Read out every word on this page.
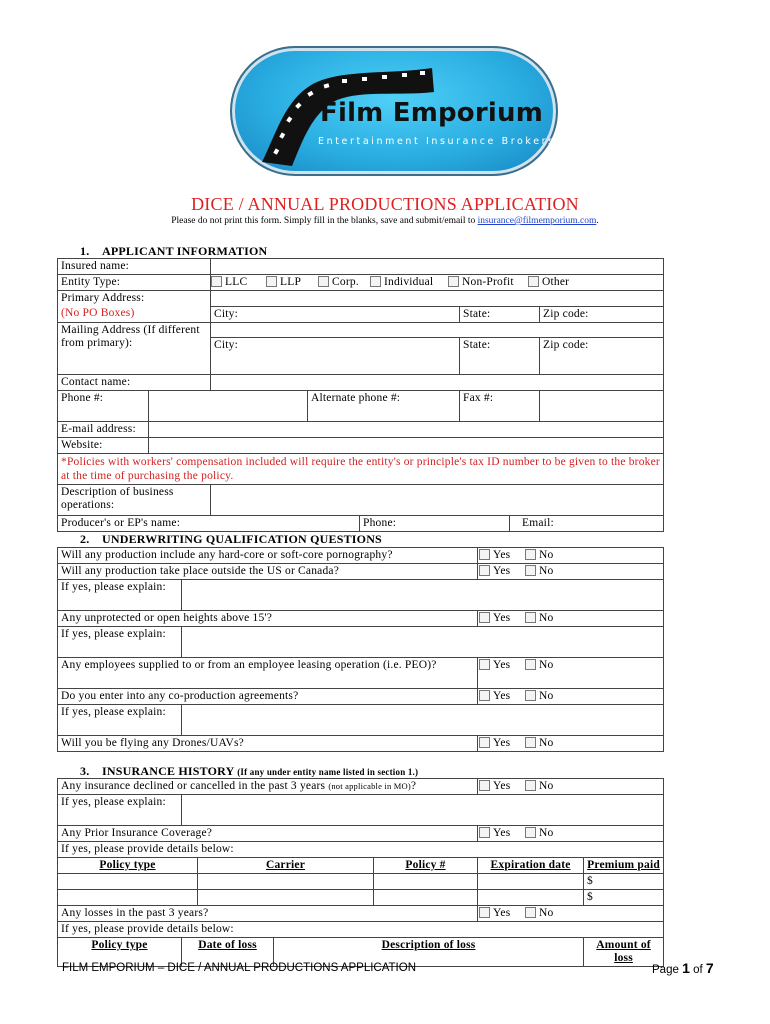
Film Emporium
Entertainment Insurance Brokers
DICE / ANNUAL PRODUCTIONS APPLICATION
Please do not print this form. Simply fill in the blanks, save and submit/email to insurance@filmemporium.com.
1. APPLICANT INFORMATION
Insured name:							
Entity Type:		LLC LLP Corp. Individual Non-Profit Other					
Primary Address:							
(No PO Boxes)		City:			State:		Zip code:
Mailing Address (If different from primary):							
		City:			State:		Zip code:
Contact name:							
Phone #:			Alternate phone #:		Fax #:		
E-mail address:							
Website:							
*Policies with workers' compensation included will require the entity's or principle's tax ID number to be given to the broker at the time of purchasing the policy.							
Description of business operations:							
Producer's or EP's name:				Phone:		Email:	
2. UNDERWRITING QUALIFICATION QUESTIONS
Will any production include any hard-core or soft-core pornography?		Yes No
Will any production take place outside the US or Canada?		Yes No
If yes, please explain:		
Any unprotected or open heights above 15'?		Yes No
If yes, please explain:		
Any employees supplied to or from an employee leasing operation (i.e. PEO)?		Yes No
Do you enter into any co-production agreements?		Yes No
If yes, please explain:		
Will you be flying any Drones/UAVs?		Yes No
3. INSURANCE HISTORY (If any under entity name listed in section 1.)
Any insurance declined or cancelled in the past 3 years (not applicable in MO)?					Yes No	
If yes, please explain:						
Any Prior Insurance Coverage?					Yes No	
If yes, please provide details below:						
Policy type		Carrier		Policy #	Expiration date	Premium paid
						$
						$
Any losses in the past 3 years?					Yes No	
If yes, please provide details below:						
Policy type	Date of loss		Description of loss			Amount of loss
FILM EMPORIUM – DICE / ANNUAL PRODUCTIONS APPLICATION	Page 1 of 7
